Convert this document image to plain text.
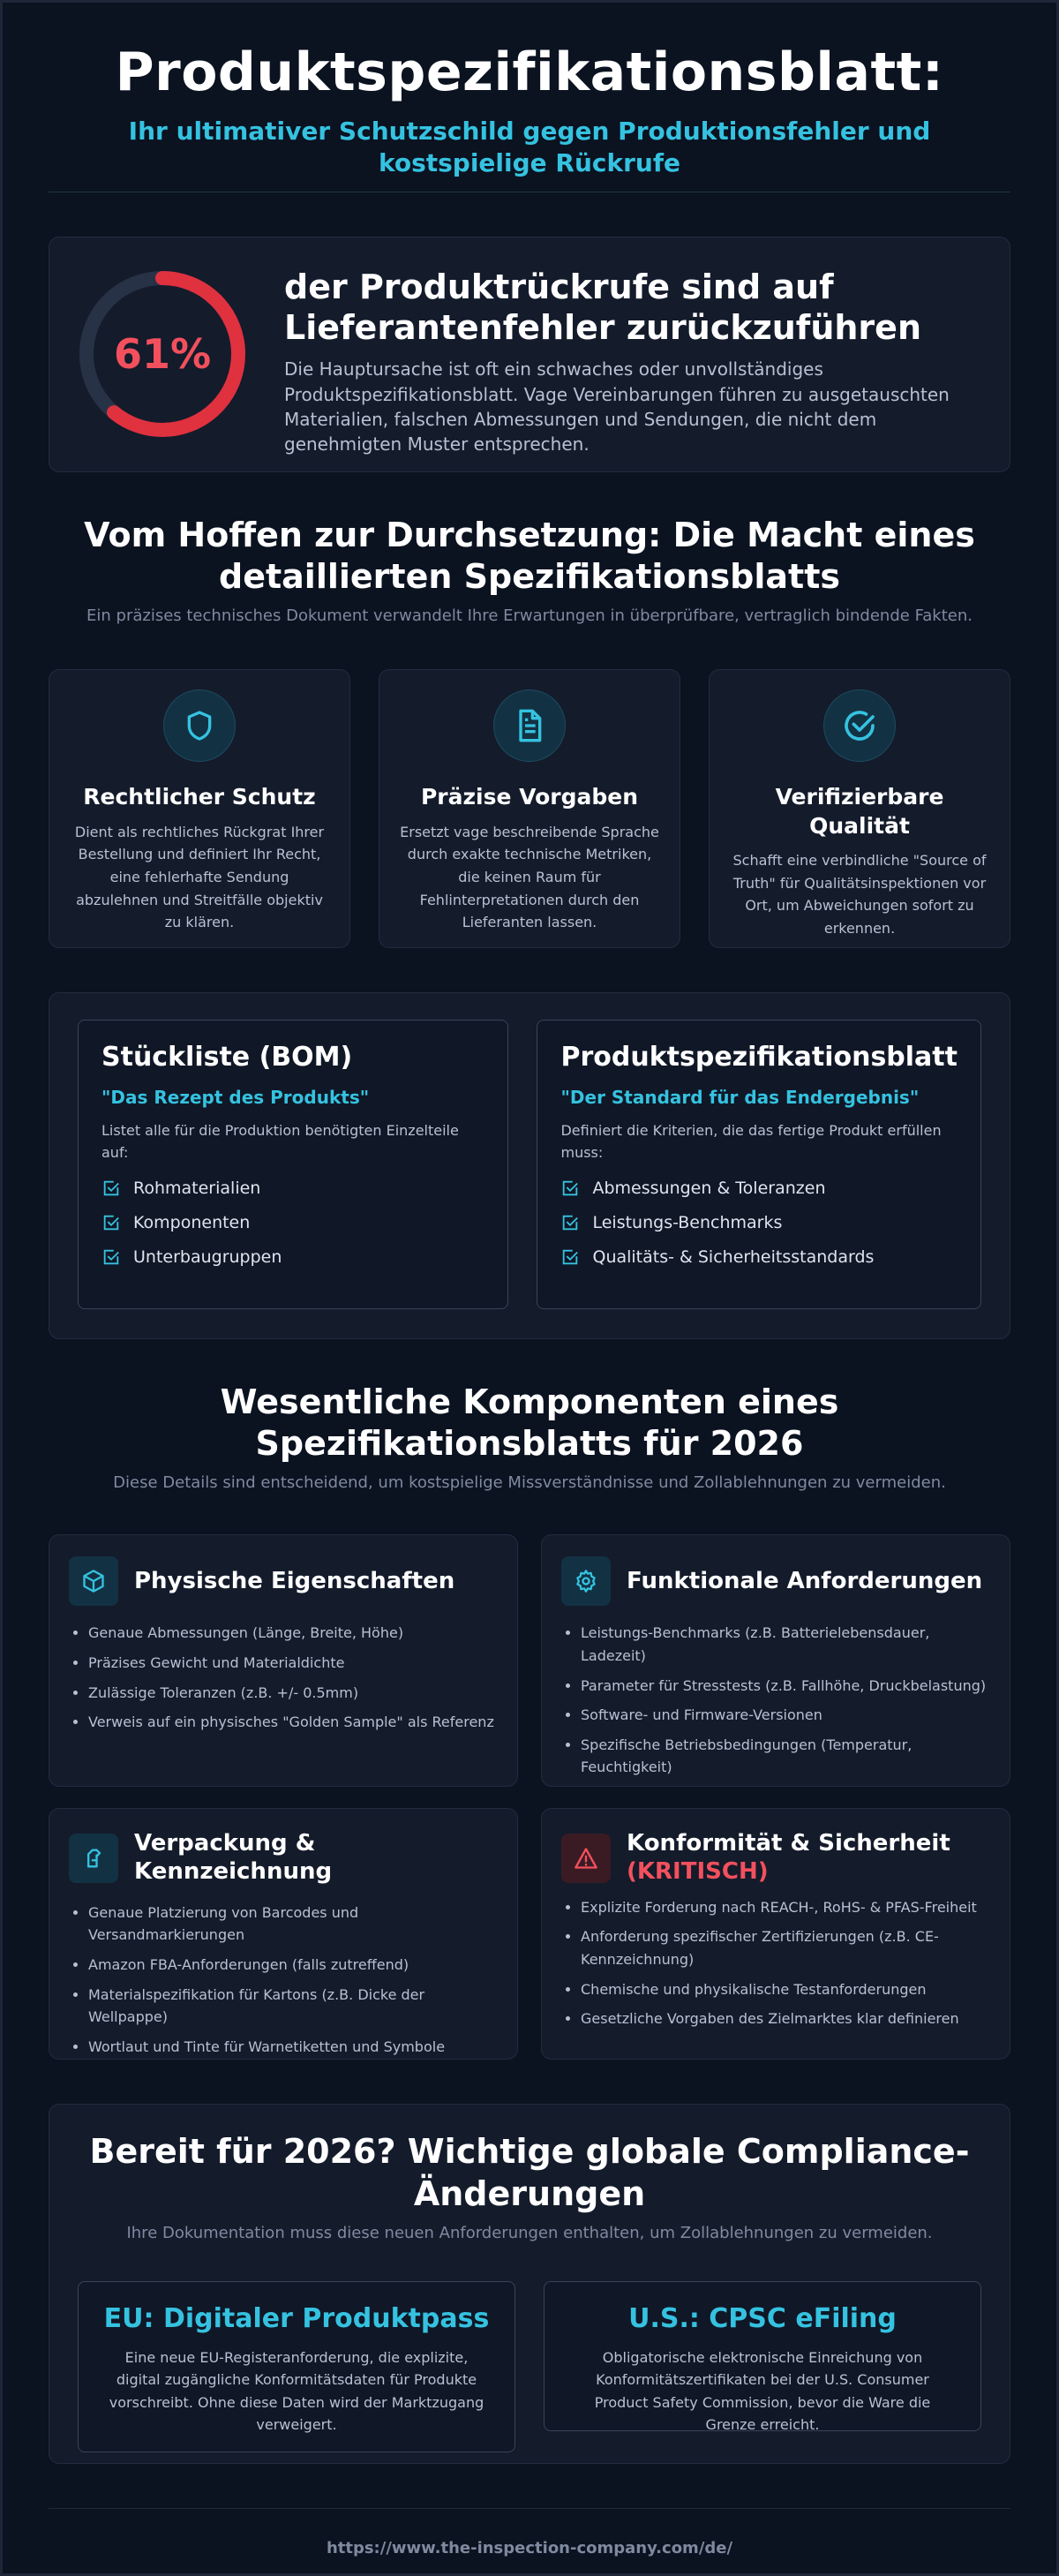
Produktspezifikationsblatt:
Ihr ultimativer Schutzschild gegen Produktionsfehler und kostspielige Rückrufe
61%
der Produktrückrufe sind auf Lieferantenfehler zurückzuführen

Die Hauptursache ist oft ein schwaches oder unvollständiges Produktspezifikationsblatt. Vage Vereinbarungen führen zu ausgetauschten Materialien, falschen Abmessungen und Sendungen, die nicht dem genehmigten Muster entsprechen.

Vom Hoffen zur Durchsetzung: Die Macht eines detaillierten Spezifikationsblatts

Ein präzises technisches Dokument verwandelt Ihre Erwartungen in überprüfbare, vertraglich bindende Fakten.

Rechtlicher Schutz

Dient als rechtliches Rückgrat Ihrer Bestellung und definiert Ihr Recht, eine fehlerhafte Sendung abzulehnen und Streitfälle objektiv zu klären.

Präzise Vorgaben

Ersetzt vage beschreibende Sprache durch exakte technische Metriken, die keinen Raum für Fehlinterpretationen durch den Lieferanten lassen.

Verifizierbare Qualität

Schafft eine verbindliche "Source of Truth" für Qualitätsinspektionen vor Ort, um Abweichungen sofort zu erkennen.

Stückliste (BOM)
"Das Rezept des Produkts"
Listet alle für die Produktion benötigten Einzelteile auf:
Rohmaterialien
Komponenten
Unterbaugruppen
Produktspezifikationsblatt
"Der Standard für das Endergebnis"
Definiert die Kriterien, die das fertige Produkt erfüllen muss:
Abmessungen & Toleranzen
Leistungs-Benchmarks
Qualitäts- & Sicherheitsstandards
Wesentliche Komponenten eines Spezifikationsblatts für 2026

Diese Details sind entscheidend, um kostspielige Missverständnisse und Zollablehnungen zu vermeiden.

Physische Eigenschaften
• Genaue Abmessungen (Länge, Breite, Höhe)
• Präzises Gewicht und Materialdichte
• Zulässige Toleranzen (z.B. +/- 0.5mm)
• Verweis auf ein physisches "Golden Sample" als Referenz
Funktionale Anforderungen
• Leistungs-Benchmarks (z.B. Batterielebensdauer, Ladezeit)
• Parameter für Stresstests (z.B. Fallhöhe, Druckbelastung)
• Software- und Firmware-Versionen
• Spezifische Betriebsbedingungen (Temperatur, Feuchtigkeit)
Verpackung & Kennzeichnung
• Genaue Platzierung von Barcodes und Versandmarkierungen
• Amazon FBA-Anforderungen (falls zutreffend)
• Materialspezifikation für Kartons (z.B. Dicke der Wellpappe)
• Wortlaut und Tinte für Warnetiketten und Symbole
Konformität & Sicherheit
(KRITISCH)
• Explizite Forderung nach REACH-, RoHS- & PFAS-Freiheit
• Anforderung spezifischer Zertifizierungen (z.B. CE-Kennzeichnung)
• Chemische und physikalische Testanforderungen
• Gesetzliche Vorgaben des Zielmarktes klar definieren
Bereit für 2026? Wichtige globale Compliance-Änderungen

Ihre Dokumentation muss diese neuen Anforderungen enthalten, um Zollablehnungen zu vermeiden.

EU: Digitaler Produktpass

Eine neue EU-Registeranforderung, die explizite, digital zugängliche Konformitätsdaten für Produkte vorschreibt. Ohne diese Daten wird der Marktzugang verweigert.

U.S.: CPSC eFiling

Obligatorische elektronische Einreichung von Konformitätszertifikaten bei der U.S. Consumer Product Safety Commission, bevor die Ware die Grenze erreicht.

https://www.the-inspection-company.com/de/
